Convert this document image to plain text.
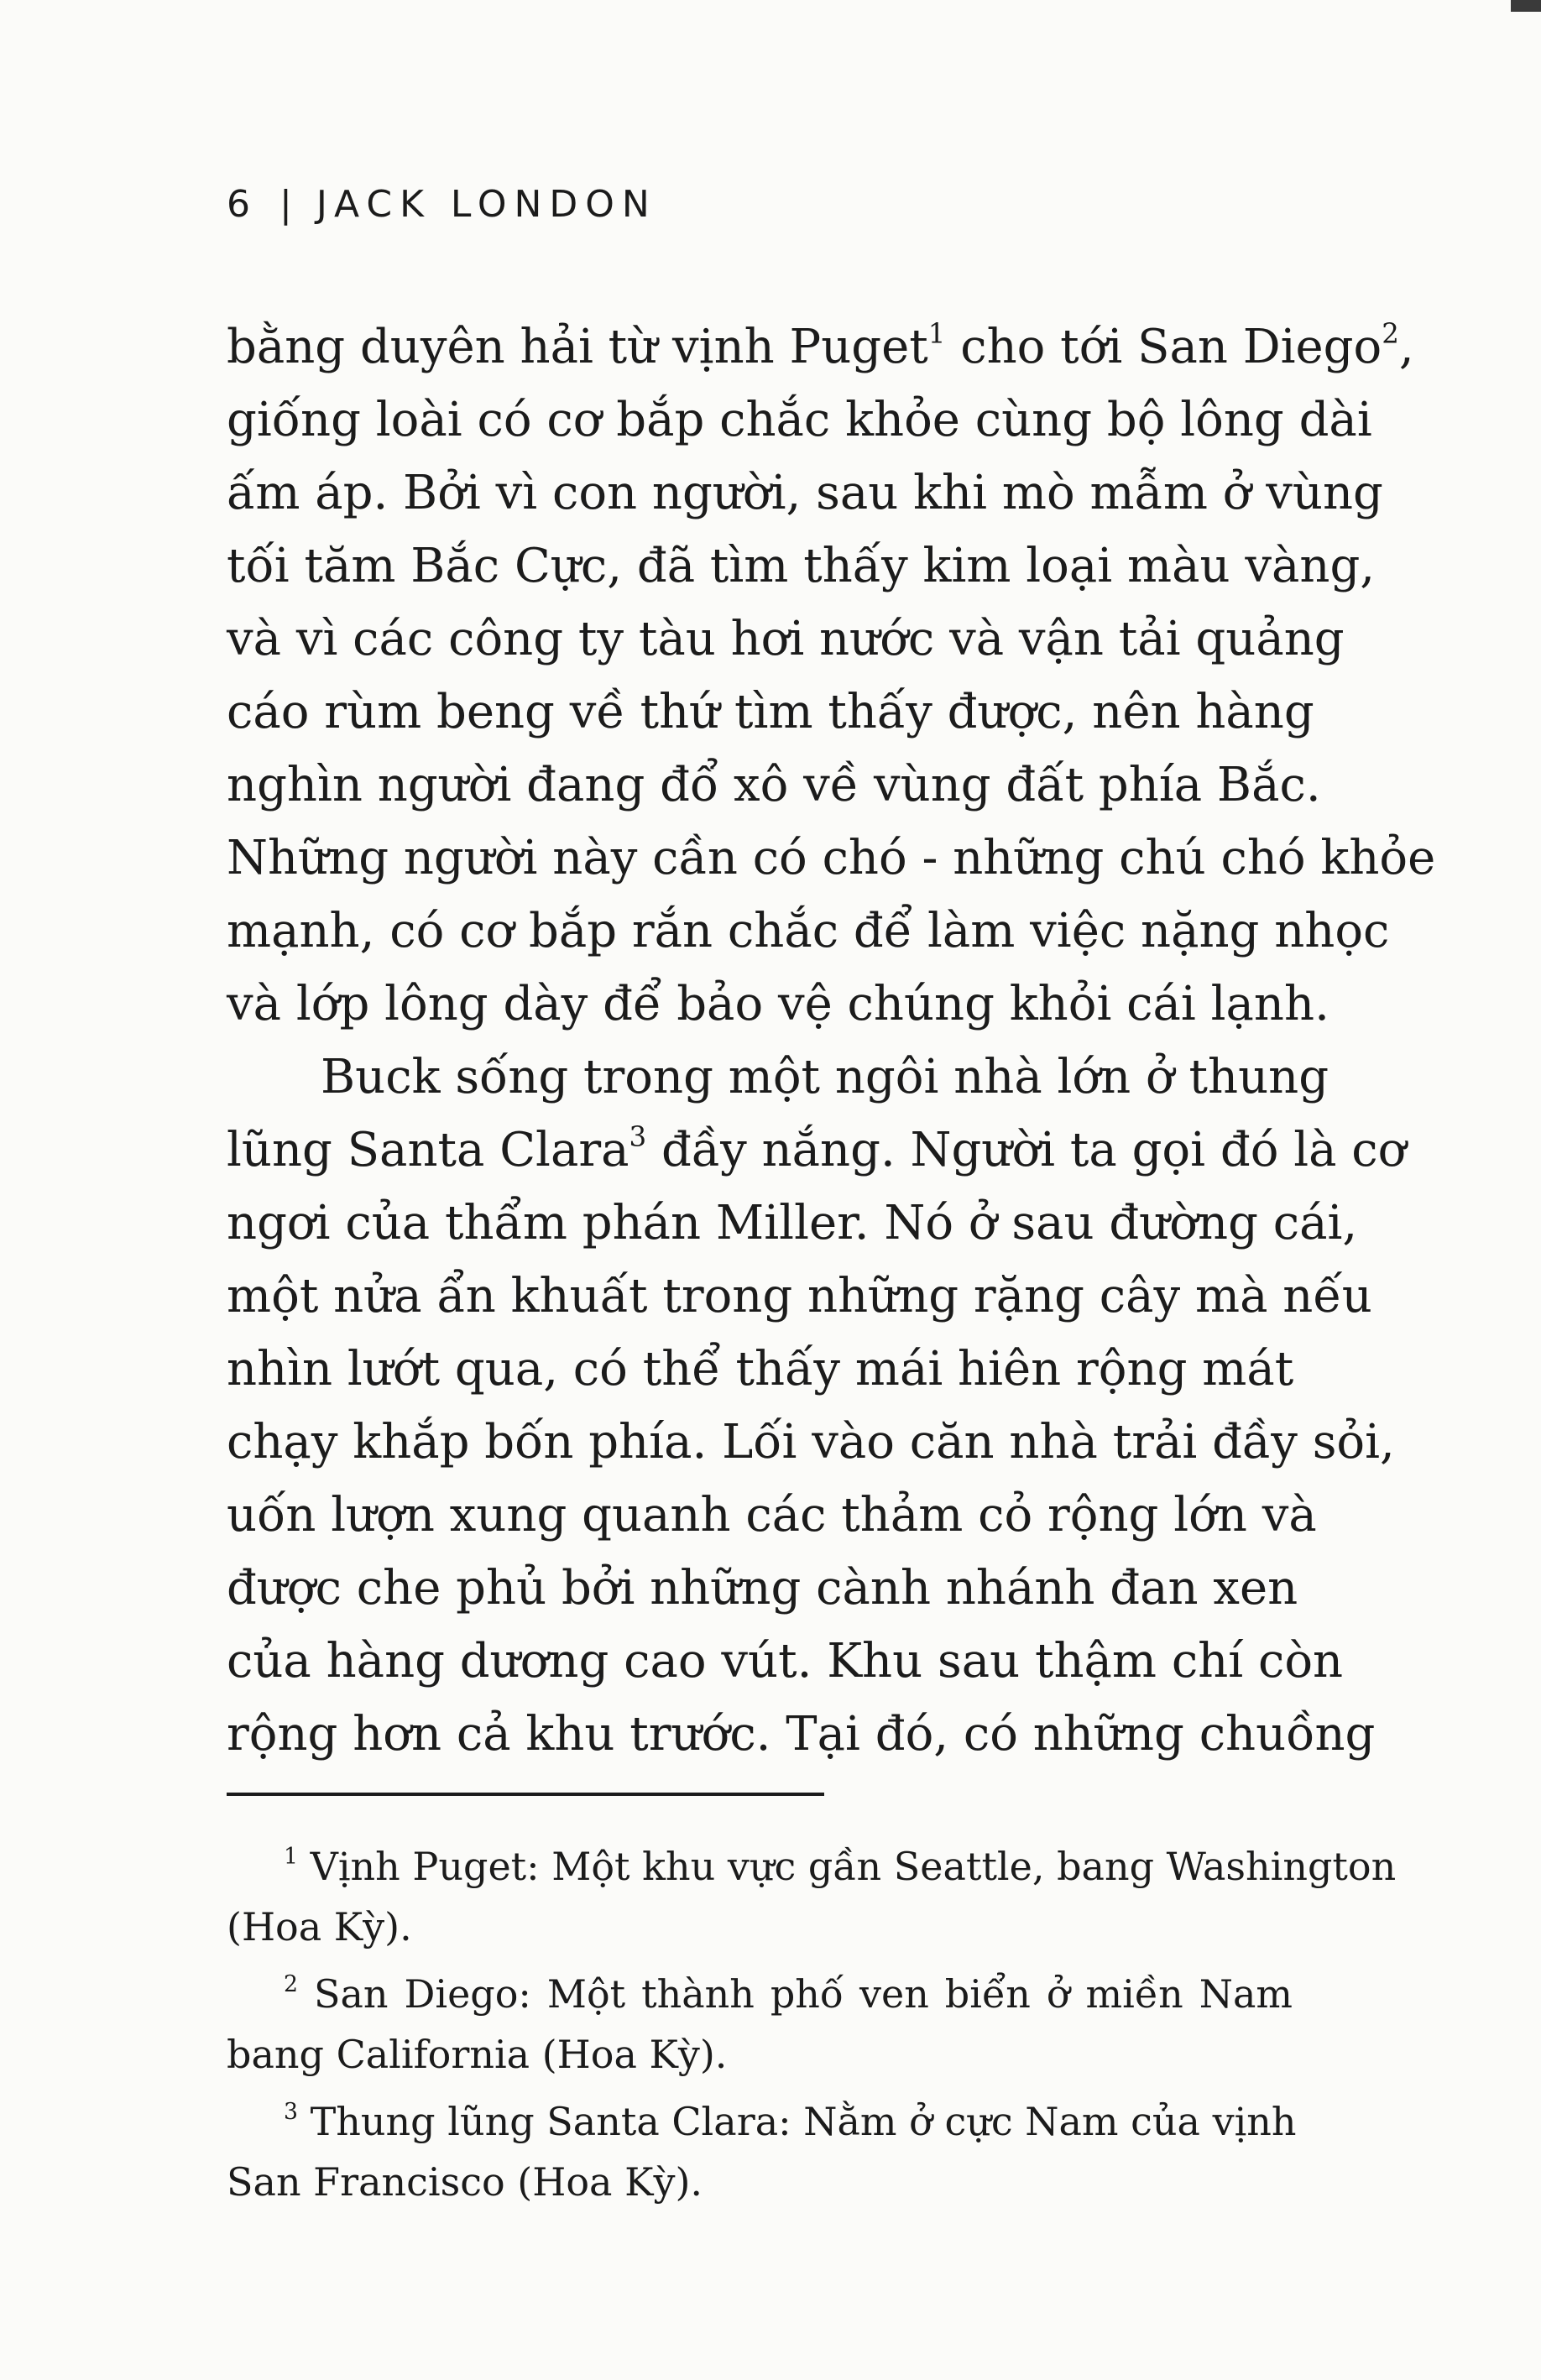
6 | JACK LONDON
bằng duyên hải từ vịnh Puget$^1$ cho tới San Diego$^2$,
giống loài có cơ bắp chắc khỏe cùng bộ lông dài
ấm áp. Bởi vì con người, sau khi mò mẫm ở vùng
tối tăm Bắc Cực, đã tìm thấy kim loại màu vàng,
và vì các công ty tàu hơi nước và vận tải quảng
cáo rùm beng về thứ tìm thấy được, nên hàng
nghìn người đang đổ xô về vùng đất phía Bắc.
Những người này cần có chó - những chú chó khỏe
mạnh, có cơ bắp rắn chắc để làm việc nặng nhọc
và lớp lông dày để bảo vệ chúng khỏi cái lạnh.
Buck sống trong một ngôi nhà lớn ở thung
lũng Santa Clara$^3$ đầy nắng. Người ta gọi đó là cơ
ngơi của thẩm phán Miller. Nó ở sau đường cái,
một nửa ẩn khuất trong những rặng cây mà nếu
nhìn lướt qua, có thể thấy mái hiên rộng mát
chạy khắp bốn phía. Lối vào căn nhà trải đầy sỏi,
uốn lượn xung quanh các thảm cỏ rộng lớn và
được che phủ bởi những cành nhánh đan xen
của hàng dương cao vút. Khu sau thậm chí còn
rộng hơn cả khu trước. Tại đó, có những chuồng
$^1$ Vịnh Puget: Một khu vực gần Seattle, bang Washington
(Hoa Kỳ).
$^2$ San Diego: Một thành phố ven biển ở miền Nam
bang California (Hoa Kỳ).
$^3$ Thung lũng Santa Clara: Nằm ở cực Nam của vịnh
San Francisco (Hoa Kỳ).
